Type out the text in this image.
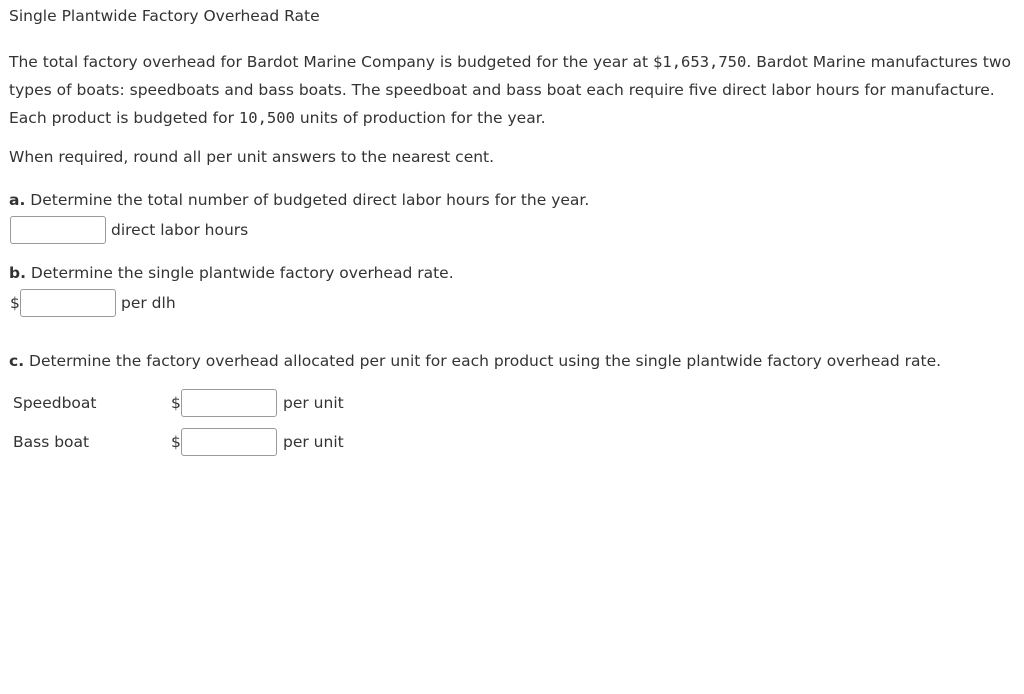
Single Plantwide Factory Overhead Rate
The total factory overhead for Bardot Marine Company is budgeted for the year at $1,653,750. Bardot Marine manufactures two types of boats: speedboats and bass boats. The speedboat and bass boat each require five direct labor hours for manufacture. Each product is budgeted for 10,500 units of production for the year.
When required, round all per unit answers to the nearest cent.
a. Determine the total number of budgeted direct labor hours for the year.
direct labor hours
b. Determine the single plantwide factory overhead rate.
$	per dlh
c. Determine the factory overhead allocated per unit for each product using the single plantwide factory overhead rate.
Speedboat	$	per unit
Bass boat	$	per unit
